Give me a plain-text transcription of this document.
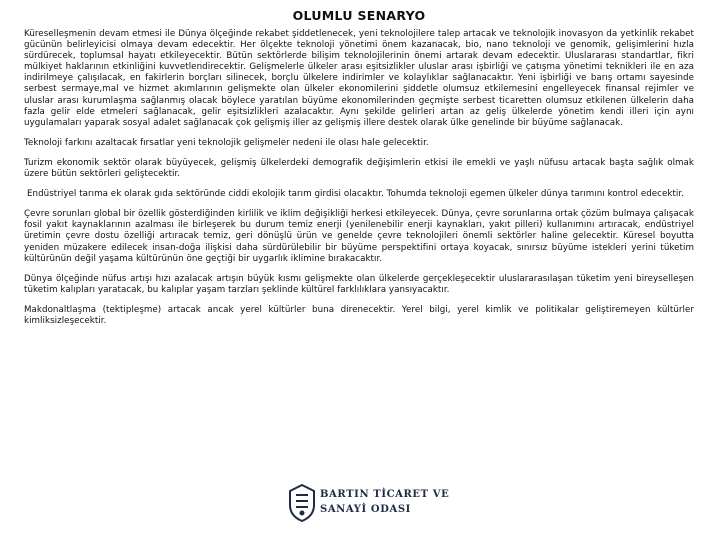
OLUMLU SENARYO

Küreselleşmenin devam etmesi ile Dünya ölçeğinde rekabet şiddetlenecek, yeni teknolojilere talep artacak ve teknolojik inovasyon da yetkinlik rekabet gücünün belirleyicisi olmaya devam edecektir. Her ölçekte teknoloji yönetimi önem kazanacak, bio, nano teknoloji ve genomik, gelişimlerini hızla sürdürecek, toplumsal hayatı etkileyecektir. Bütün sektörlerde bilişim teknolojilerinin önemi artarak devam edecektir. Uluslararası standartlar, fikri mülkiyet haklarının etkinliğini kuvvetlendirecektir. Gelişmelerle ülkeler arası eşitsizlikler uluslar arası işbirliği ve çatışma yönetimi teknikleri ile en aza indirilmeye çalışılacak, en fakirlerin borçları silinecek, borçlu ülkelere indirimler ve kolaylıklar sağlanacaktır. Yeni işbirliği ve barış ortamı sayesinde serbest sermaye,mal ve hizmet akımlarının gelişmekte olan ülkeler ekonomilerini şiddetle olumsuz etkilemesini engelleyecek finansal rejimler ve uluslar arası kurumlaşma sağlanmış olacak böylece yaratılan büyüme ekonomilerinden geçmişte serbest ticaretten olumsuz etkilenen ülkelerin daha fazla gelir elde etmeleri sağlanacak, gelir eşitsizlikleri azalacaktır. Aynı şekilde gelirleri artan az geliş ülkelerde yönetim kendi illeri için aynı uygulamaları yaparak sosyal adalet sağlanacak çok gelişmiş iller az gelişmiş illere destek olarak ülke genelinde bir büyüme sağlanacak.

Teknoloji farkını azaltacak fırsatlar yeni teknolojik gelişmeler nedeni ile olası hale gelecektir.

Turizm ekonomik sektör olarak büyüyecek, gelişmiş ülkelerdeki demografik değişimlerin etkisi ile emekli ve yaşlı nüfusu artacak başta sağlık olmak üzere bütün sektörleri geliştecektir.

Endüstriyel tarıma ek olarak gıda sektöründe ciddi ekolojik tarım girdisi olacaktır. Tohumda teknoloji egemen ülkeler dünya tarımını kontrol edecektir.

Çevre sorunları global bir özellik gösterdiğinden kirlilik ve iklim değişikliği herkesi etkileyecek. Dünya, çevre sorunlarına ortak çözüm bulmaya çalışacak fosil yakıt kaynaklarının azalması ile birleşerek bu durum temiz enerji (yenilenebilir enerji kaynakları, yakıt pilleri) kullanımını artıracak, endüstriyel üretimin çevre dostu özelliği artıracak temiz, geri dönüşlü ürün ve genelde çevre teknolojileri önemli sektörler haline gelecektir. Küresel boyutta yeniden müzakere edilecek insan-doğa ilişkisi daha sürdürülebilir bir büyüme perspektifini ortaya koyacak, sınırsız büyüme istekleri yerini tüketim kültürünün değil yaşama kültürünün öne geçtiği bir uygarlık iklimine bırakacaktır.

Dünya ölçeğinde nüfus artışı hızı azalacak artışın büyük kısmı gelişmekte olan ülkelerde gerçekleşecektir uluslararasılaşan tüketim yeni bireyselleşen tüketim kalıpları yaratacak, bu kalıplar yaşam tarzları şeklinde kültürel farklılıklara yansıyacaktır.

Makdonaltlaşma (tektipleşme) artacak ancak yerel kültürler buna direnecektir. Yerel bilgi, yerel kimlik ve politikalar geliştiremeyen kültürler kimliksizleşecektir.

BARTIN TİCARET VE
SANAYİ ODASI
